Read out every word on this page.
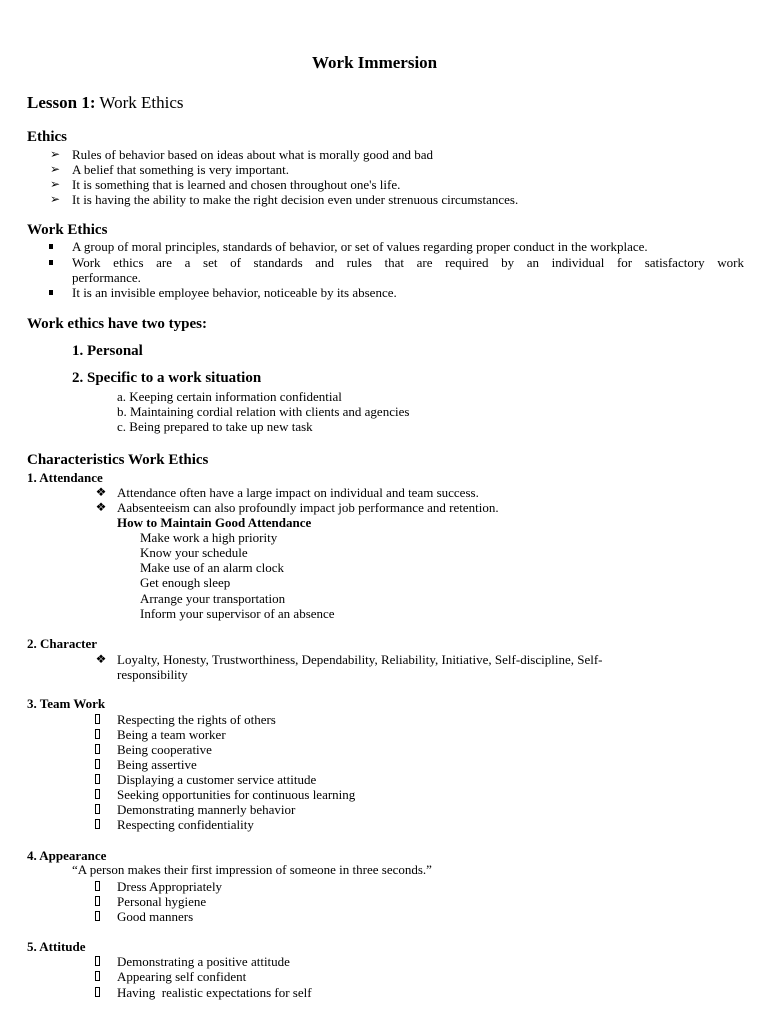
Work Immersion
Lesson 1: Work Ethics
Ethics
➢ Rules of behavior based on ideas about what is morally good and bad
➢ A belief that something is very important.
➢ It is something that is learned and chosen throughout one's life.
➢ It is having the ability to make the right decision even under strenuous circumstances.
Work Ethics
A group of moral principles, standards of behavior, or set of values regarding proper conduct in the workplace.
Work ethics are a set of standards and rules that are required by an individual for satisfactory work
performance.
It is an invisible employee behavior, noticeable by its absence.
Work ethics have two types:
1. Personal
2. Specific to a work situation
a. Keeping certain information confidential
b. Maintaining cordial relation with clients and agencies
c. Being prepared to take up new task
Characteristics Work Ethics
1. Attendance
❖ Attendance often have a large impact on individual and team success.
❖ Aabsenteeism can also profoundly impact job performance and retention.
How to Maintain Good Attendance
Make work a high priority
Know your schedule
Make use of an alarm clock
Get enough sleep
Arrange your transportation
Inform your supervisor of an absence
2. Character
❖ Loyalty, Honesty, Trustworthiness, Dependability, Reliability, Initiative, Self-discipline, Self-
responsibility
3. Team Work
Respecting the rights of others
Being a team worker
Being cooperative
Being assertive
Displaying a customer service attitude
Seeking opportunities for continuous learning
Demonstrating mannerly behavior
Respecting confidentiality
4. Appearance
“A person makes their first impression of someone in three seconds.”
Dress Appropriately
Personal hygiene
Good manners
5. Attitude
Demonstrating a positive attitude
Appearing self confident
Having  realistic expectations for self
